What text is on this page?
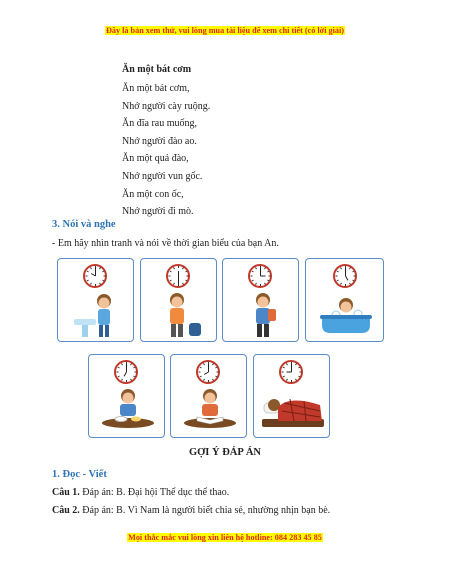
Đây là bản xem thử, vui lòng mua tài liệu để xem chi tiết (có lời giải)
Ăn một bát cơm
Ăn một bát cơm,
Nhớ người cày ruộng.
Ăn đĩa rau muống,
Nhớ người đào ao.
Ăn một quả đào,
Nhớ người vun gốc.
Ăn một con ốc,
Nhớ người đi mò.
3. Nói và nghe
- Em hãy nhìn tranh và nói về thời gian biểu của bạn An.
GỢI Ý ĐÁP ÁN
1. Đọc - Viết
Câu 1. Đáp án: B. Đại hội Thể dục thể thao.
Câu 2. Đáp án: B. Vì Nam là người biết chia sẻ, nhường nhịn bạn bè.
Mọi thắc mắc vui lòng xin liên hệ hotline: 084 283 45 85
